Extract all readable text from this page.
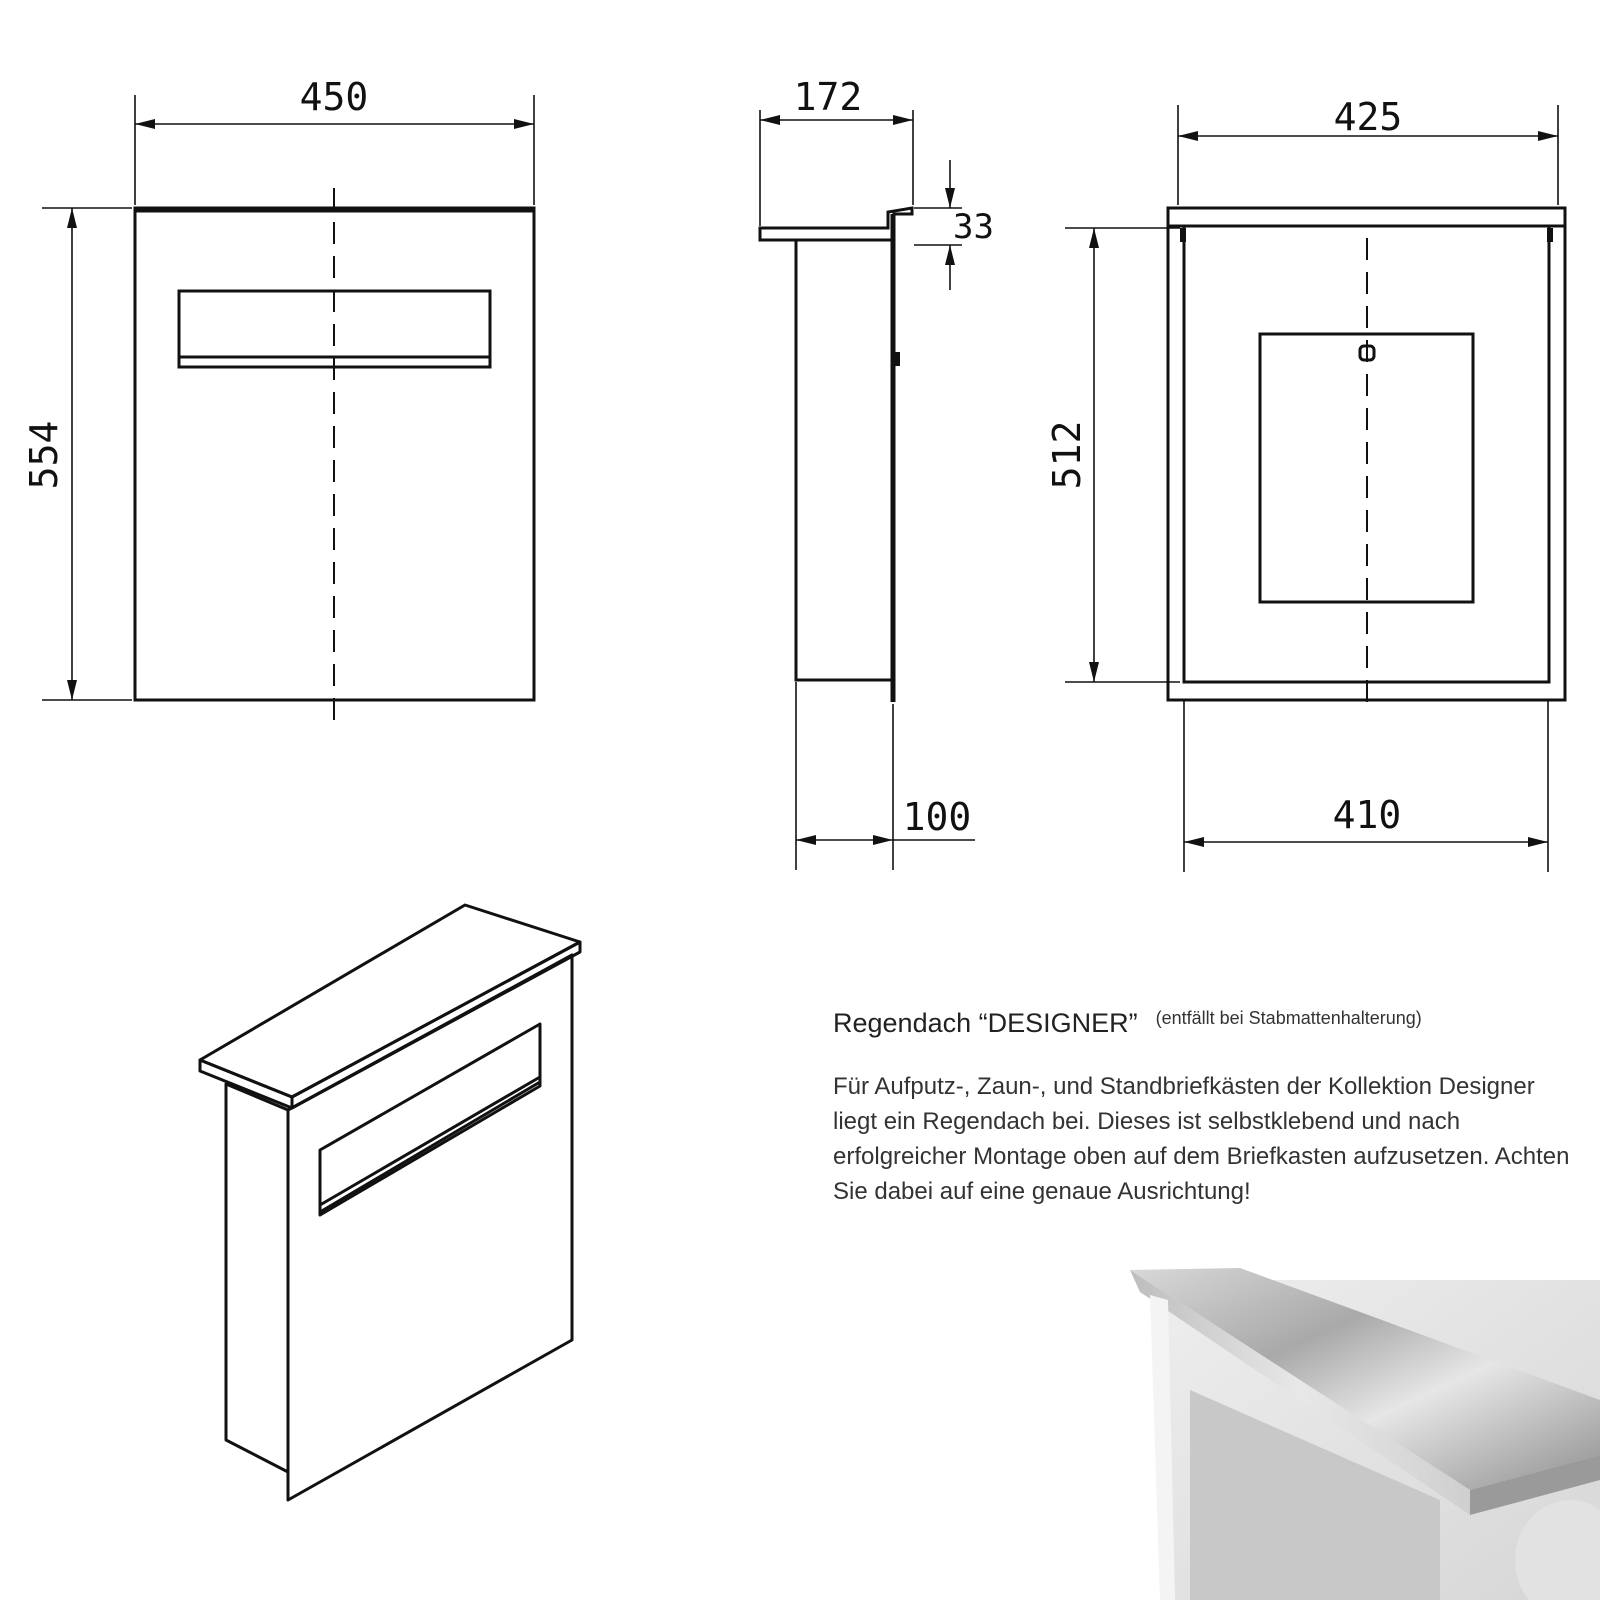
450
554
172
33
100
425
512
410
Regendach “DESIGNER” (entfällt bei Stabmattenhalterung)
Für Aufputz-, Zaun-, und Standbriefkästen der Kollektion Designer liegt ein Regendach bei. Dieses ist selbstklebend und nach erfolgreicher Montage oben auf dem Briefkasten aufzusetzen. Achten Sie dabei auf eine genaue Ausrichtung!
